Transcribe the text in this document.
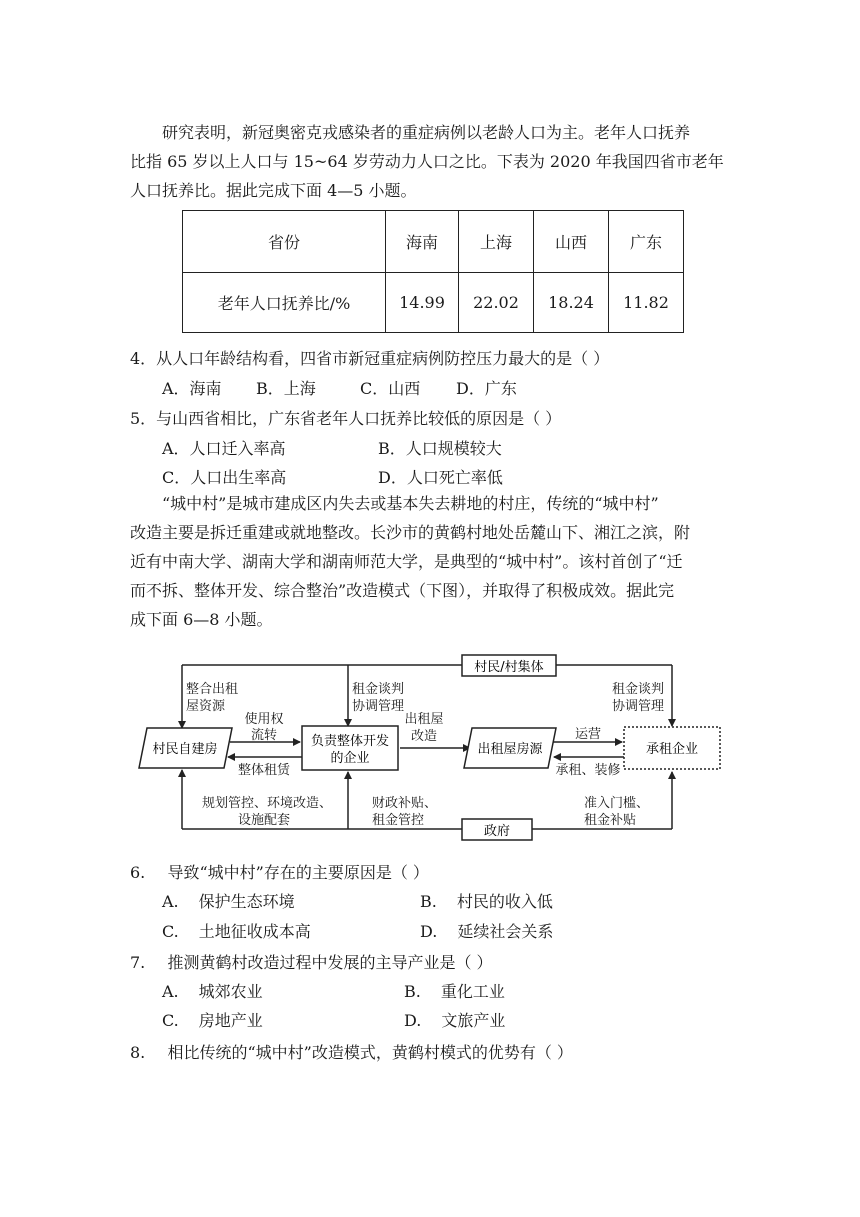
研究表明，新冠奥密克戎感染者的重症病例以老龄人口为主。老年人口抚养

比指 65 岁以上人口与 15~64 岁劳动力人口之比。下表为 2020 年我国四省市老年

人口抚养比。据此完成下面 4—5 小题。

省份	海南	上海	山西	广东
老年人口抚养比/%	14.99	22.02	18.24	11.82
4．从人口年龄结构看，四省市新冠重症病例防控压力最大的是（ ）
A．海南 B．上海	C．山西 D．广东
5．与山西省相比，广东省老年人口抚养比较低的原因是（ ）
A．人口迁入率高	B．人口规模较大
C．人口出生率高	D．人口死亡率低

“城中村”是城市建成区内失去或基本失去耕地的村庄，传统的“城中村”

改造主要是拆迁重建或就地整改。长沙市的黄鹤村地处岳麓山下、湘江之滨，附

近有中南大学、湖南大学和湖南师范大学，是典型的“城中村”。该村首创了“迁

而不拆、整体开发、综合整治”改造模式（下图），并取得了积极成效。据此完

成下面 6—8 小题。

村民/村集体
村民自建房
负责整体开发
的企业
出租屋房源	承租企业
政府
整合出租
屋资源
租金谈判
协调管理
租金谈判
协调管理
使用权
流转
整体租赁
出租屋
改造	运营
承租、装修
规划管控、环境改造、
设施配套
财政补贴、
租金管控
准入门槛、
租金补贴
6. 导致“城中村”存在的主要原因是（ ）
A. 保护生态环境	B. 村民的收入低
C. 土地征收成本高	D. 延续社会关系
7. 推测黄鹤村改造过程中发展的主导产业是（ ）
A. 城郊农业	B. 重化工业
C. 房地产业	D. 文旅产业
8. 相比传统的“城中村”改造模式，黄鹤村模式的优势有（ ）
